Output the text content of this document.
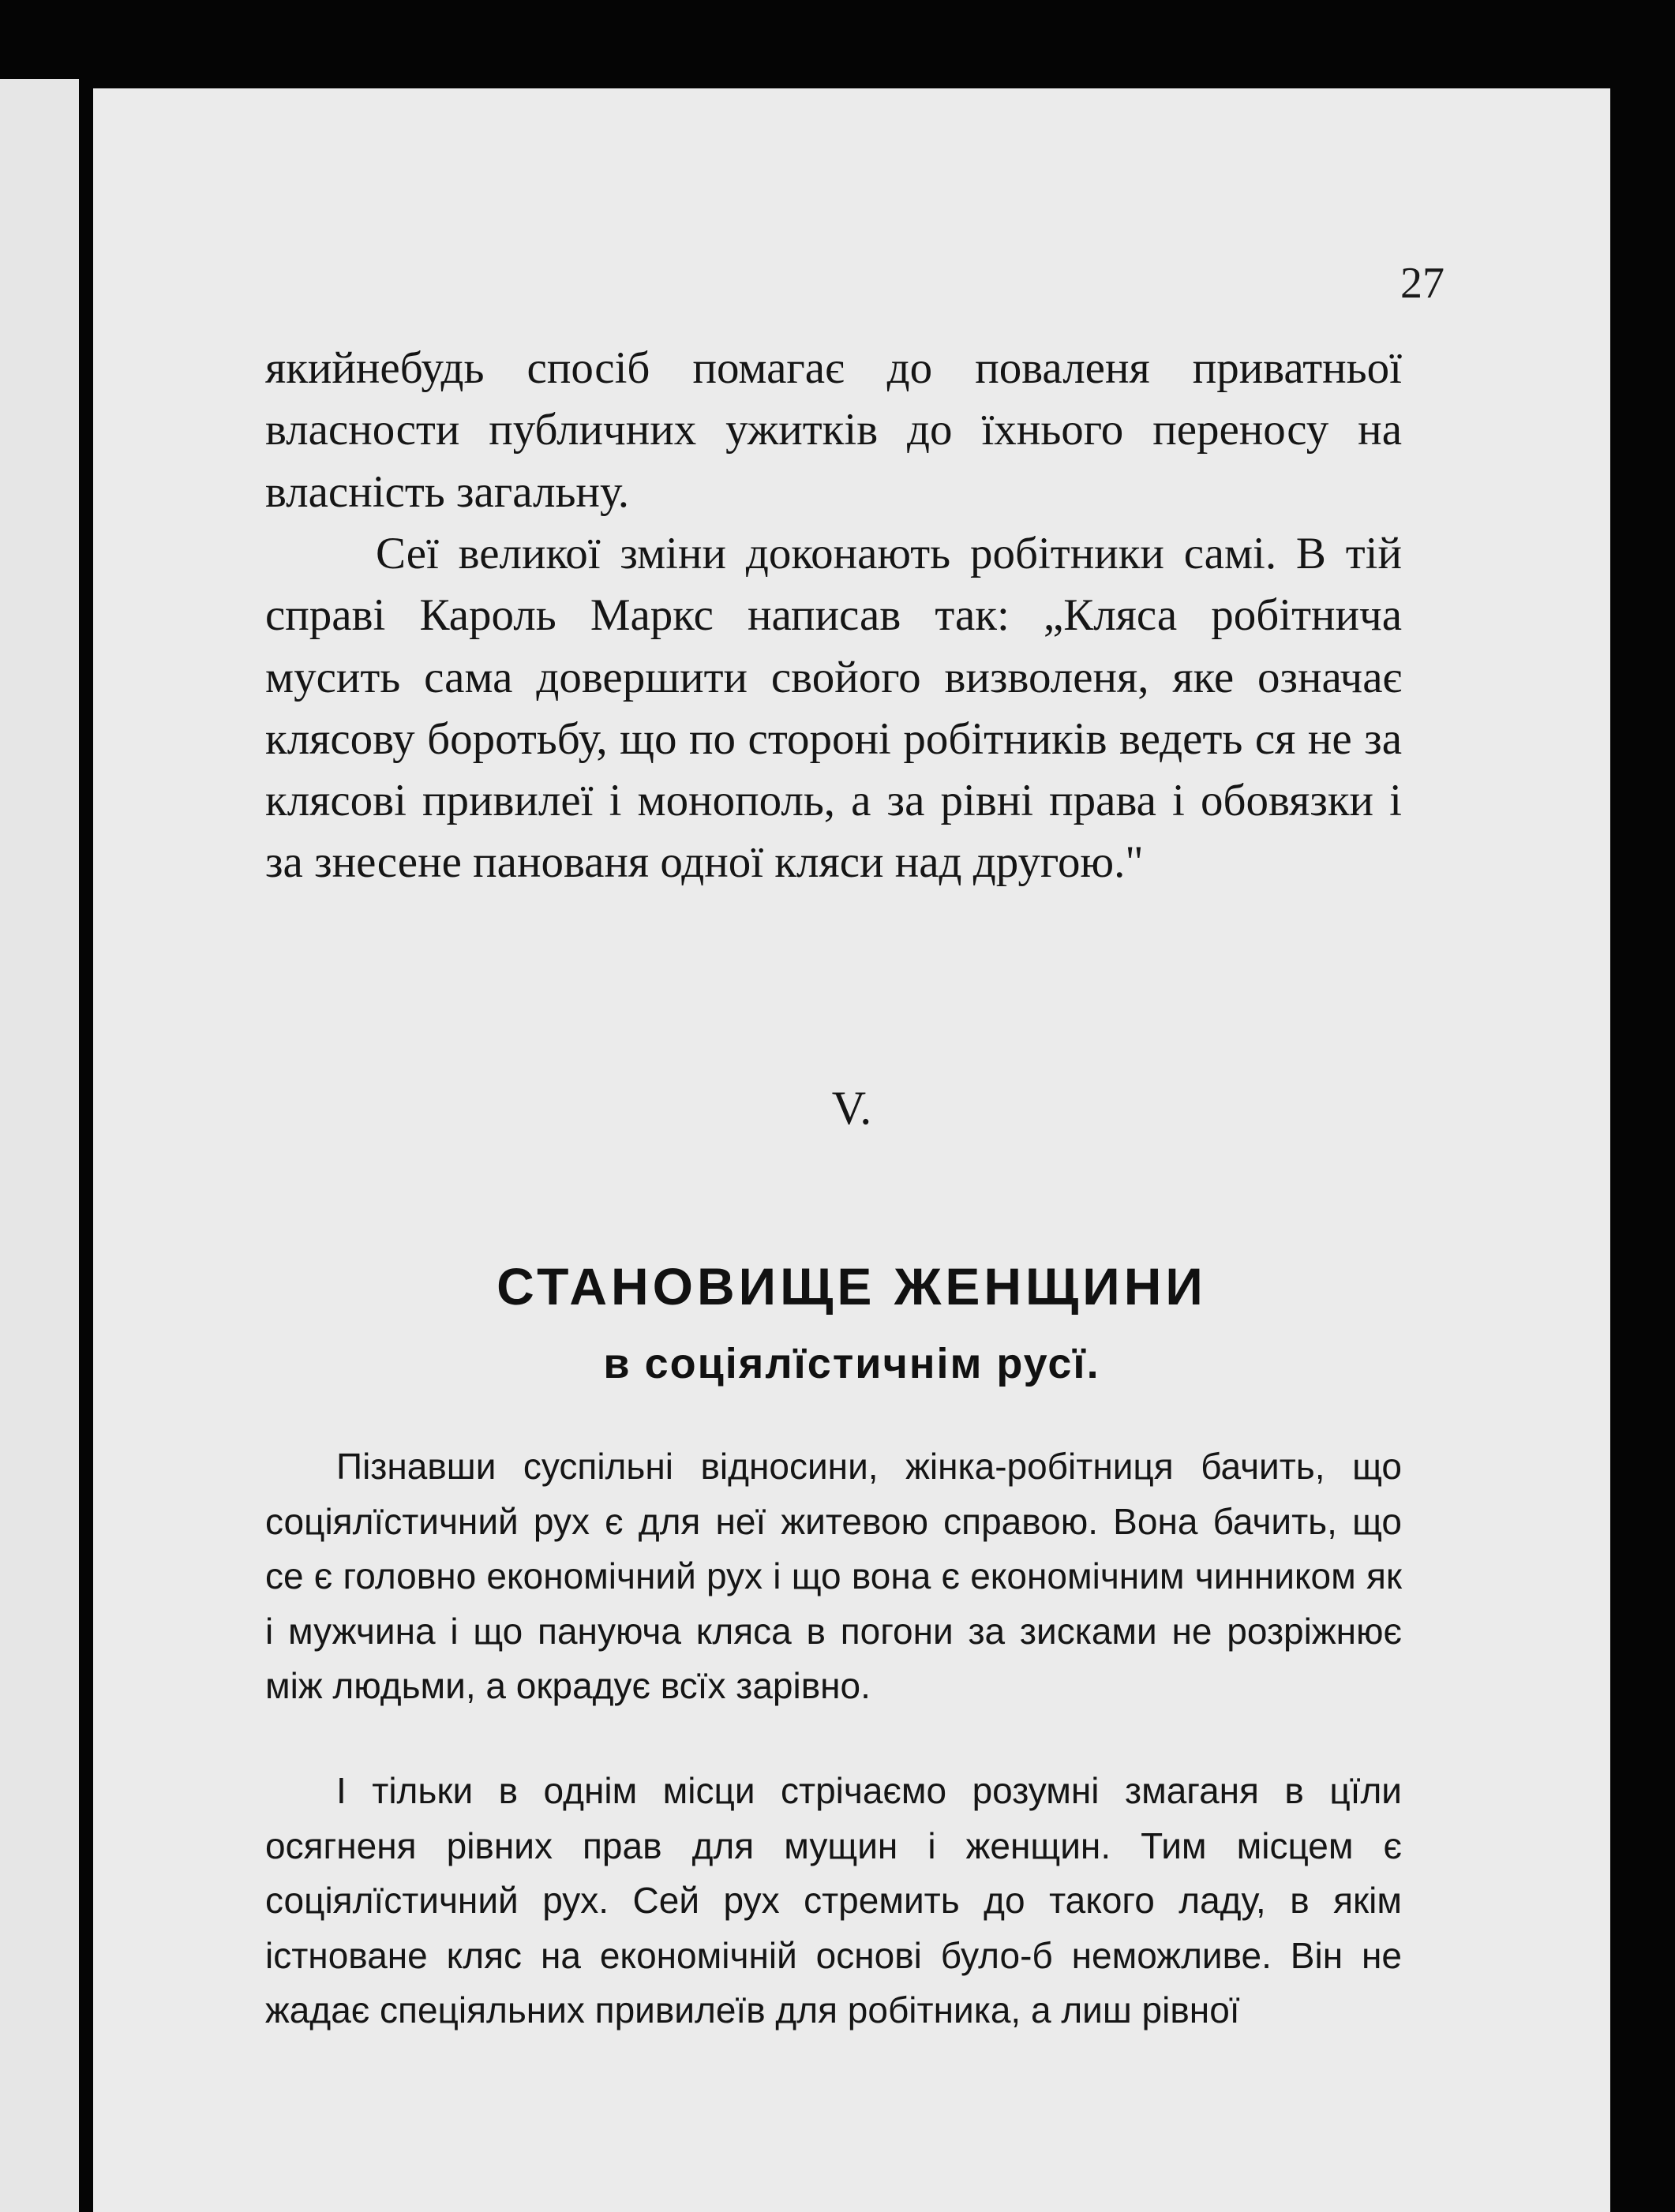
27

якийнебудь спосіб помагає до поваленя приватньої власности публичних ужитків до їхнього переносу на власність загальну.

Сеї великої зміни доконають робітники самі. В тій справі Кароль Маркс написав так: „Кляса робітнича мусить сама довершити свойого визволеня, яке означає клясову боротьбу, що по стороні робітників ведеть ся не за клясові привилеї і монополь, а за рівні права і обовязки і за знесене панованя одної кляси над другою."

V.

СТАНОВИЩЕ ЖЕНЩИНИ
в соціялїстичнім русї.

Пізнавши суспільні відносини, жінка-робітниця бачить, що соціялїстичний рух є для неї житевою справою. Вона бачить, що се є головно економічний рух і що вона є економічним чинником як і мужчина і що пануюча кляса в погони за зисками не розріжнює між людьми, а окрадує всїх зарівно.

І тільки в однім місци стрічаємо розумні змаганя в цїли осягненя рівних прав для мущин і женщин. Тим місцем є соціялїстичний рух. Сей рух стремить до такого ладу, в якім істноване кляс на економічній основі було-б неможливе. Він не жадає спеціяльних привилеїв для робітника, а лиш рівної
